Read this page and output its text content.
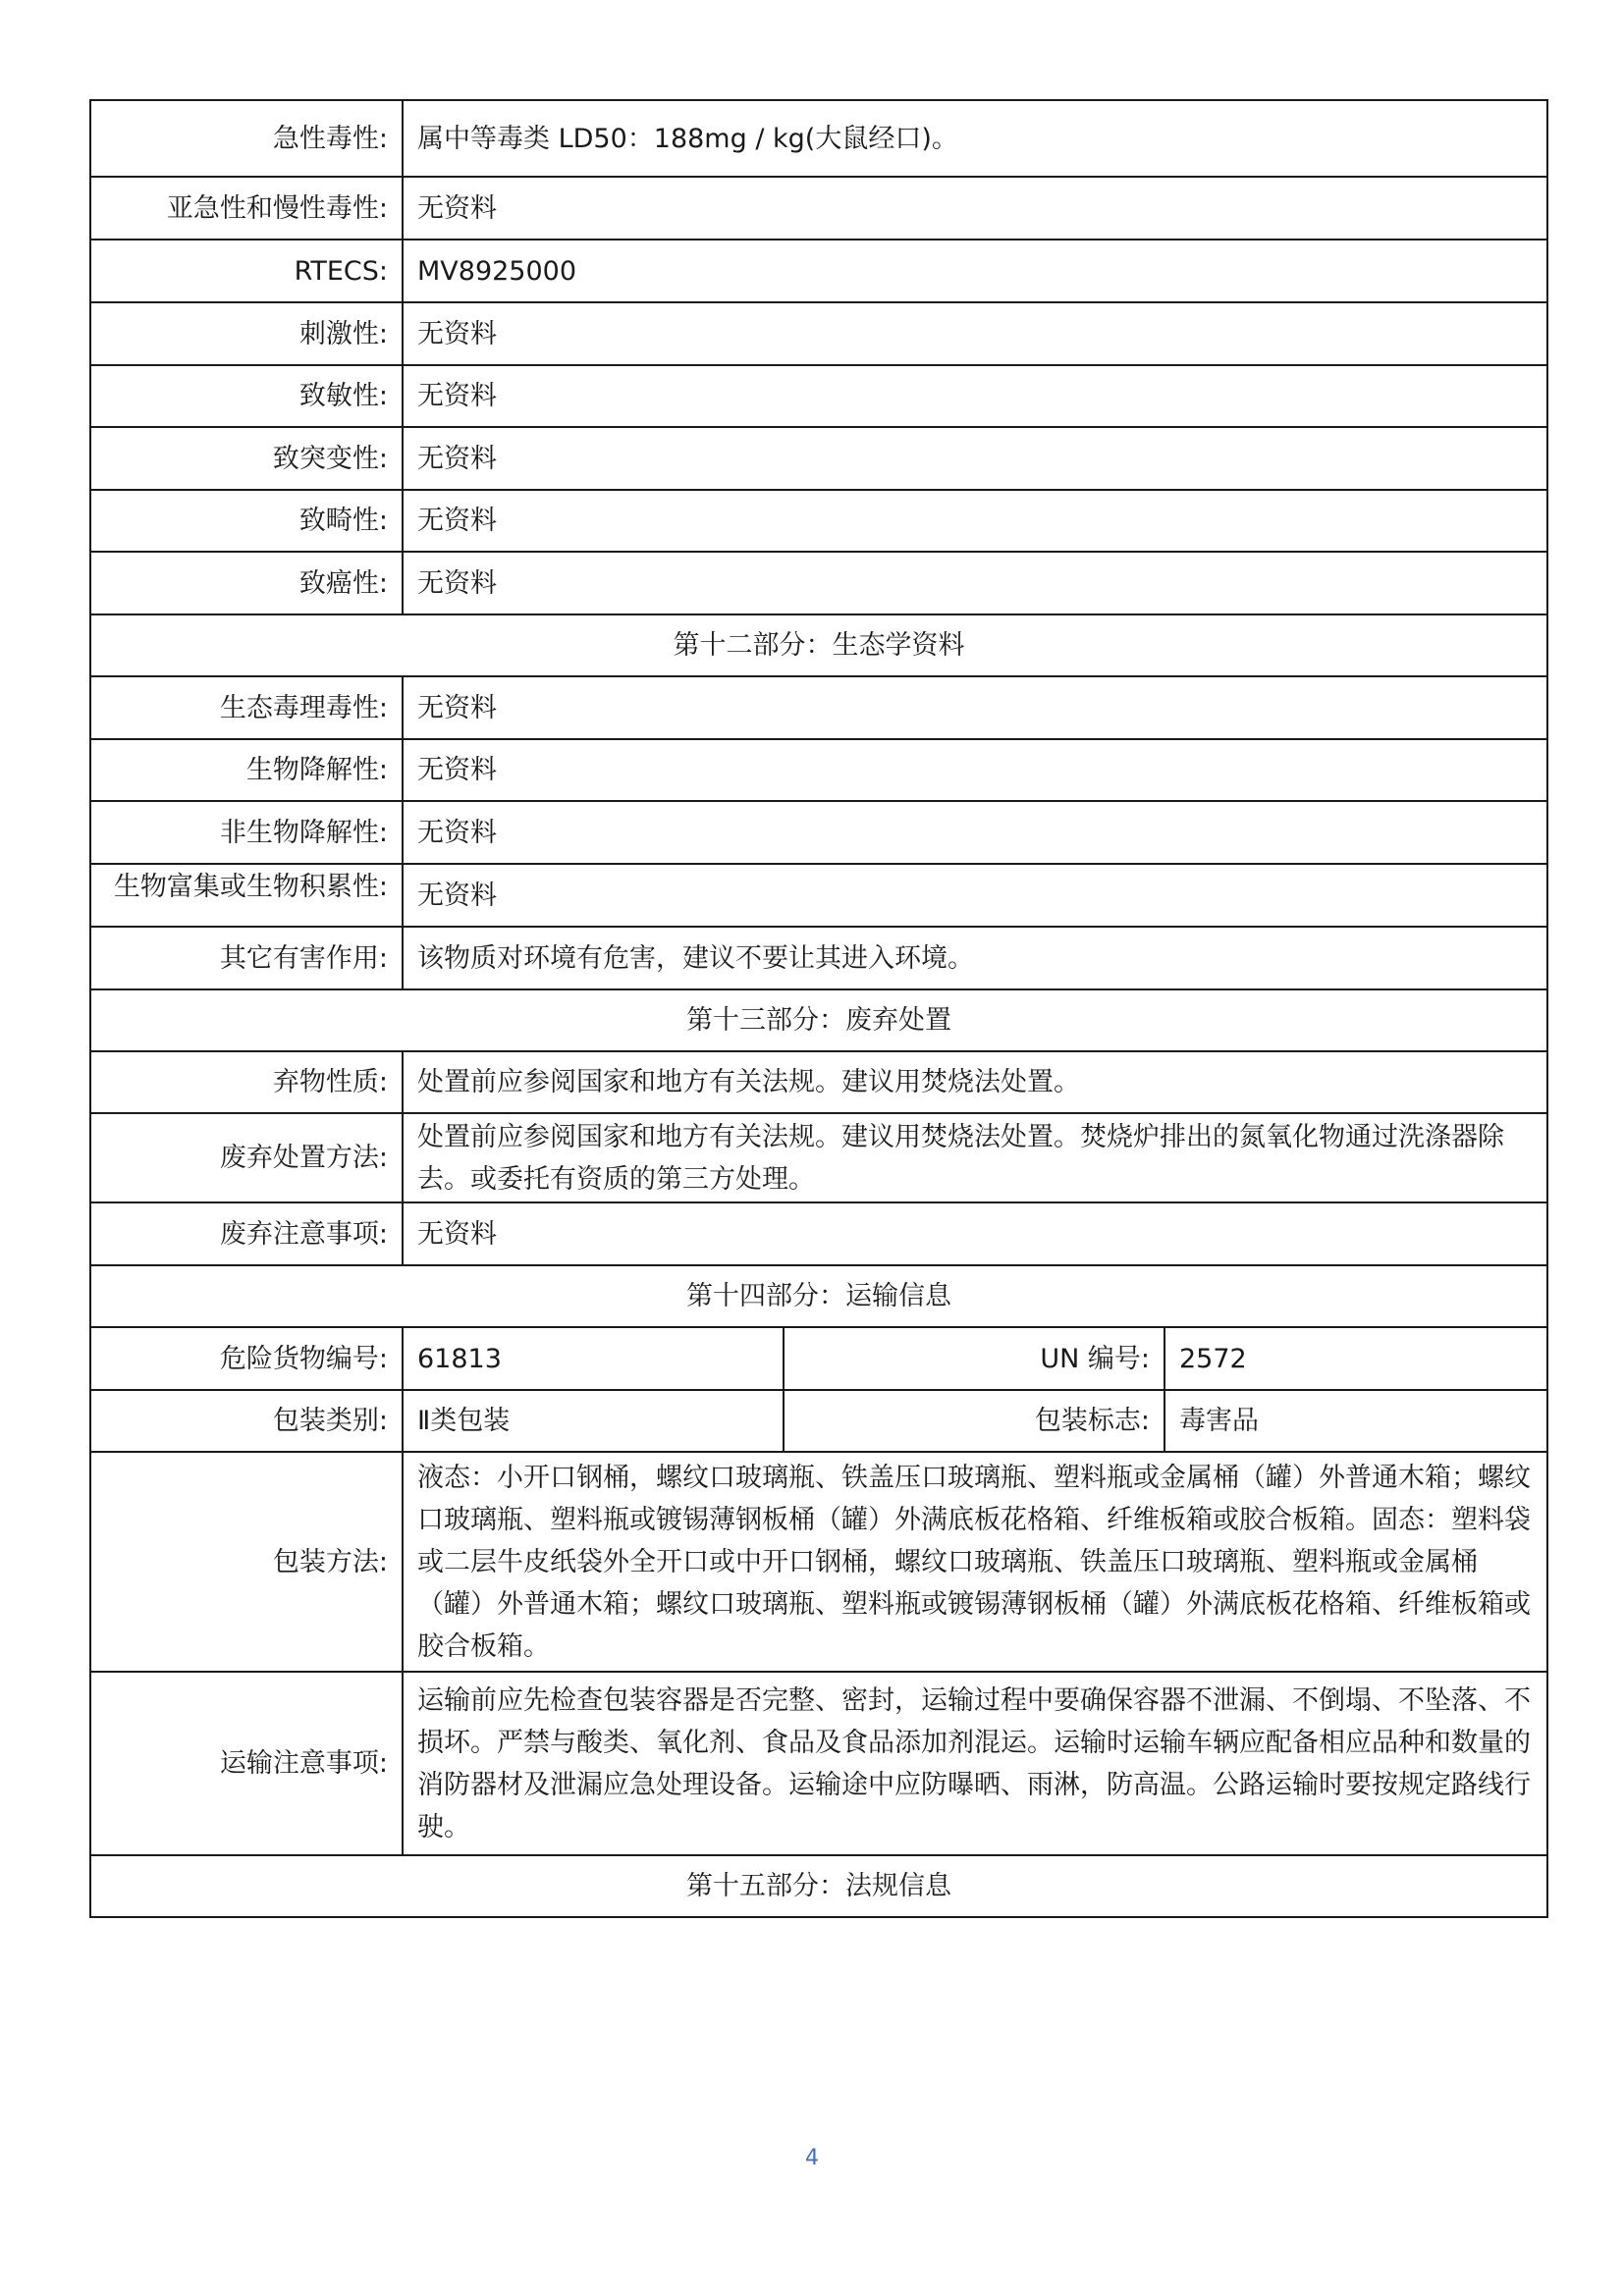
急性毒性:	属中等毒类 LD50：188mg / kg(大鼠经口)。		
亚急性和慢性毒性:	无资料		
RTECS:	MV8925000		
刺激性:	无资料		
致敏性:	无资料		
致突变性:	无资料		
致畸性:	无资料		
致癌性:	无资料		
第十二部分：生态学资料			
生态毒理毒性:	无资料		
生物降解性:	无资料		
非生物降解性:	无资料		

生物富集或生物积累性:	无资料		
其它有害作用:	该物质对环境有危害，建议不要让其进入环境。		
第十三部分：废弃处置			
弃物性质:	处置前应参阅国家和地方有关法规。建议用焚烧法处置。		
废弃处置方法:	处置前应参阅国家和地方有关法规。建议用焚烧法处置。焚烧炉排出的氮氧化物通过洗涤器除去。或委托有资质的第三方处理。		
废弃注意事项:	无资料		
第十四部分：运输信息			
危险货物编号:	61813	UN 编号:	2572
包装类别:	Ⅱ类包装	包装标志:	毒害品
包装方法:	液态：小开口钢桶，螺纹口玻璃瓶、铁盖压口玻璃瓶、塑料瓶或金属桶（罐）外普通木箱；螺纹口玻璃瓶、塑料瓶或镀锡薄钢板桶（罐）外满底板花格箱、纤维板箱或胶合板箱。固态：塑料袋或二层牛皮纸袋外全开口或中开口钢桶，螺纹口玻璃瓶、铁盖压口玻璃瓶、塑料瓶或金属桶（罐）外普通木箱；螺纹口玻璃瓶、塑料瓶或镀锡薄钢板桶（罐）外满底板花格箱、纤维板箱或胶合板箱。		
运输注意事项:	运输前应先检查包装容器是否完整、密封，运输过程中要确保容器不泄漏、不倒塌、不坠落、不损坏。严禁与酸类、氧化剂、食品及食品添加剂混运。运输时运输车辆应配备相应品种和数量的消防器材及泄漏应急处理设备。运输途中应防曝晒、雨淋，防高温。公路运输时要按规定路线行驶。		
第十五部分：法规信息			
4
